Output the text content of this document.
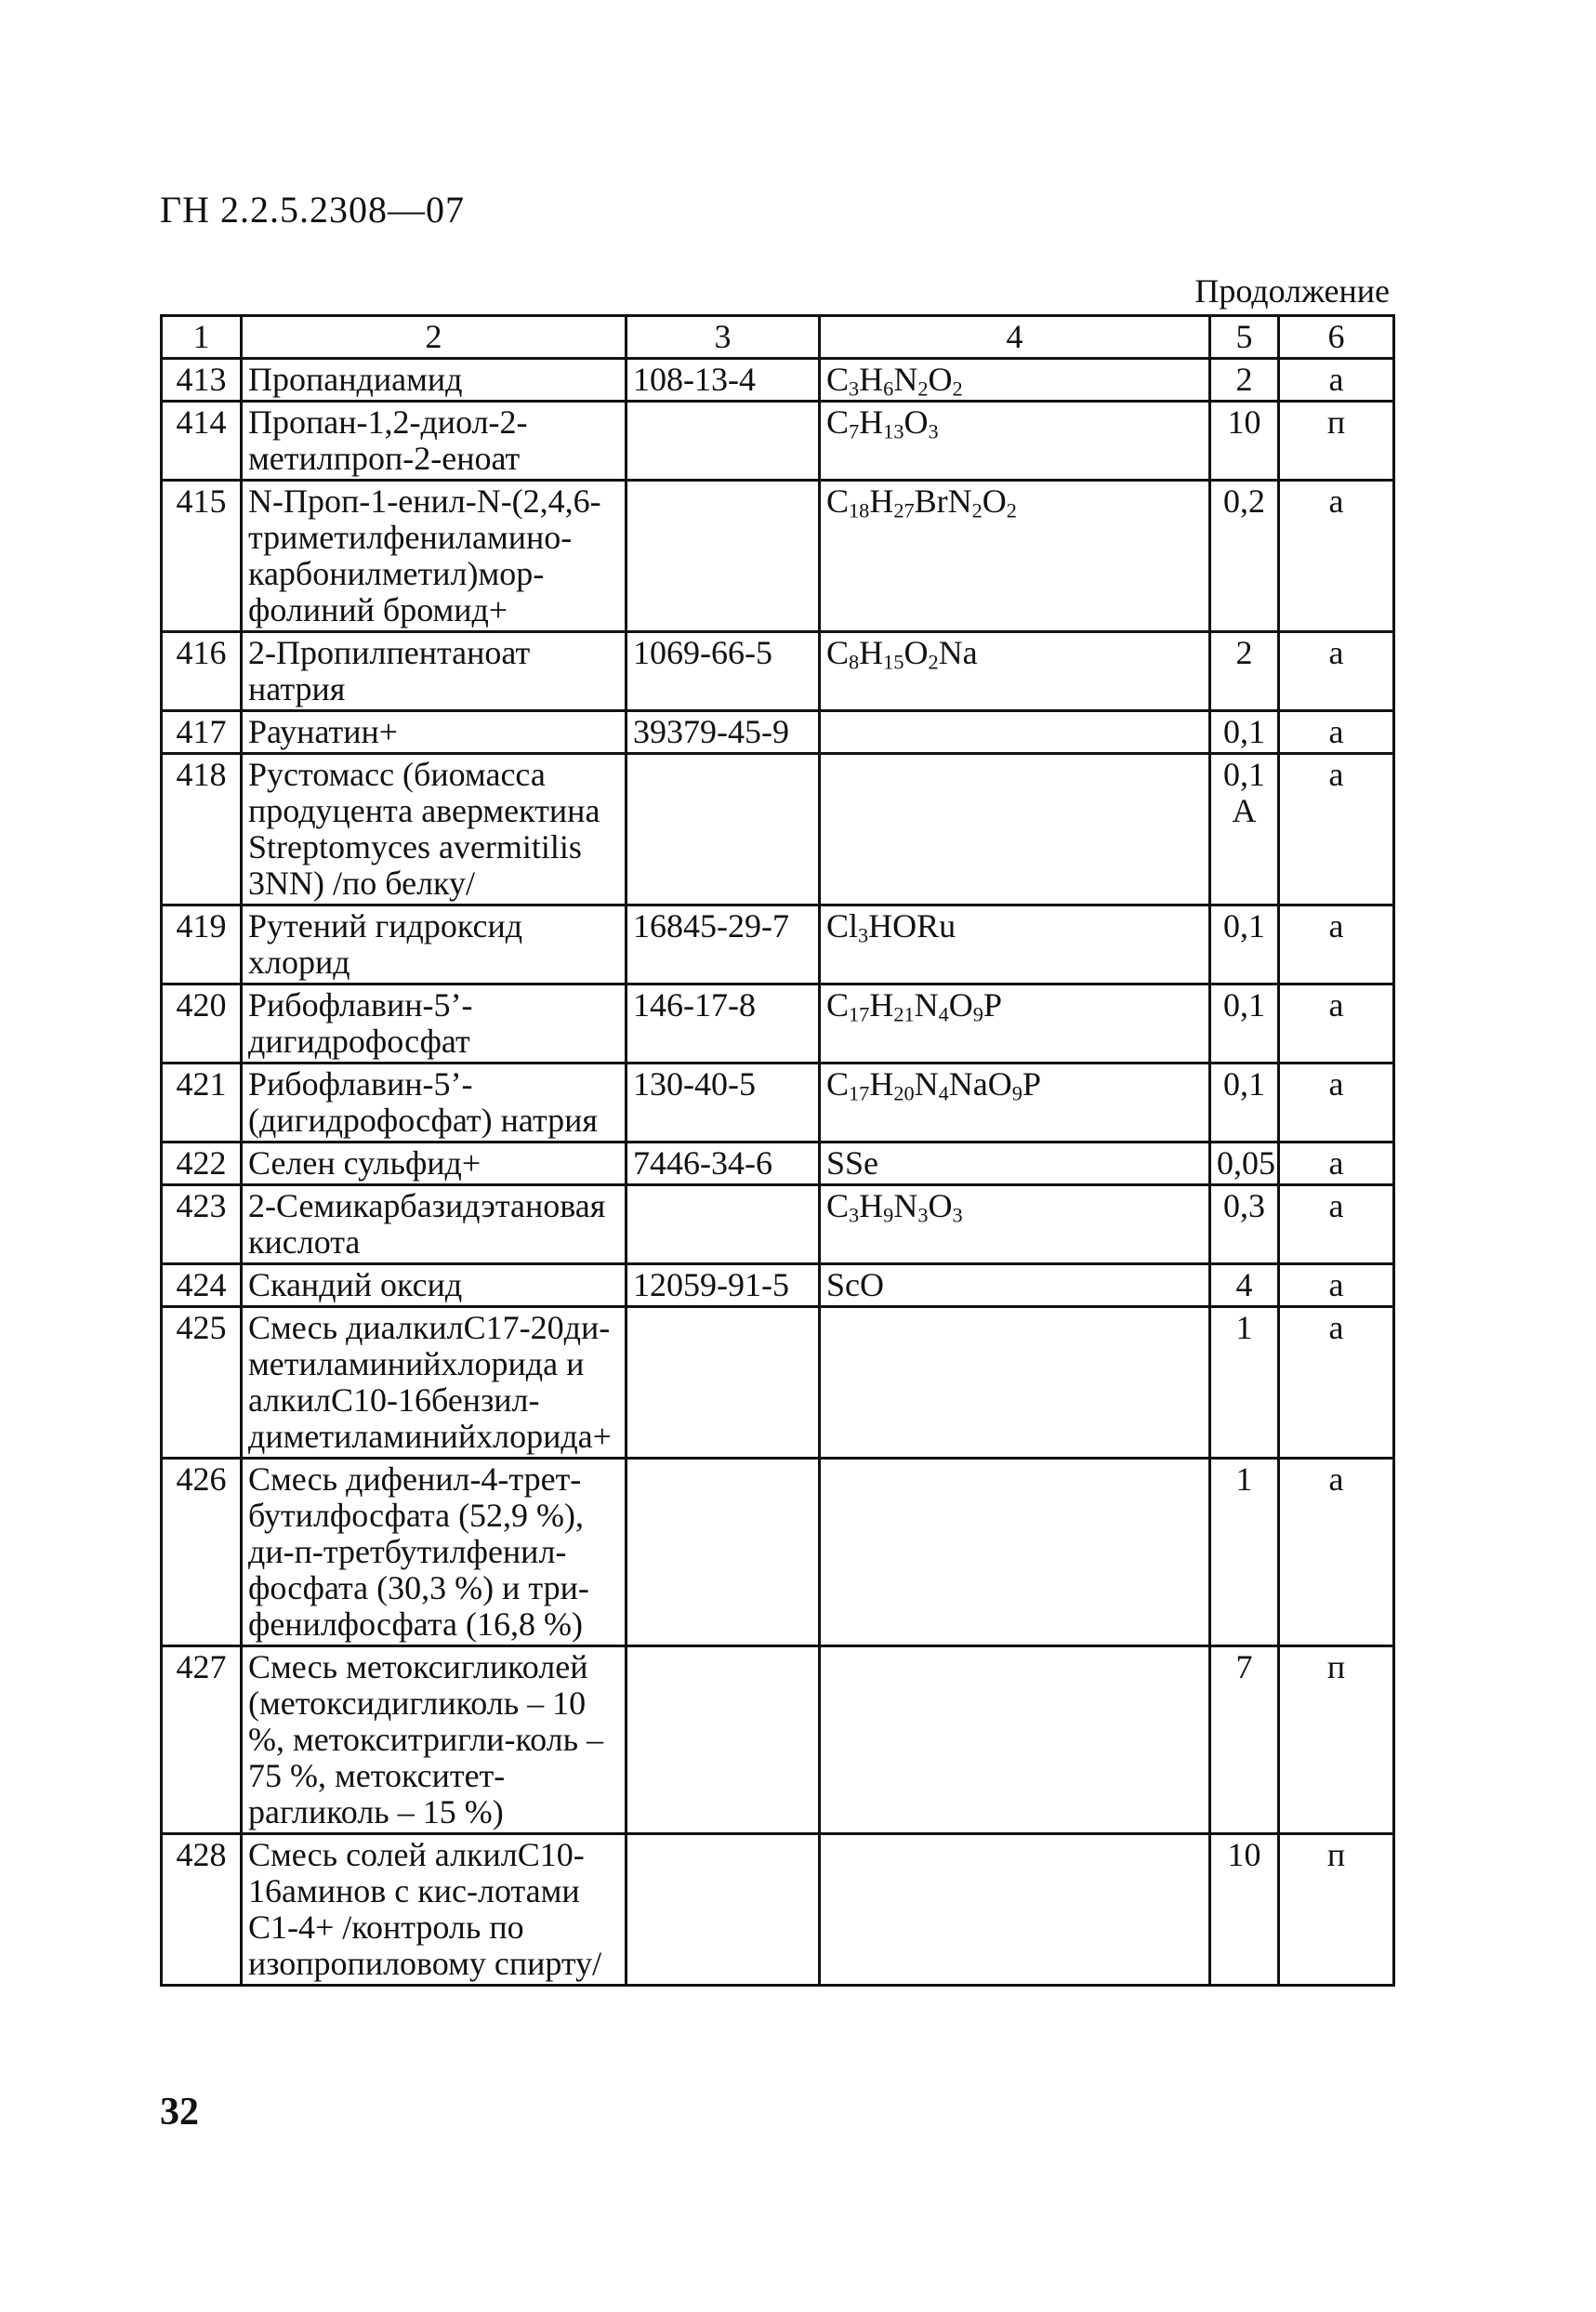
ГН 2.2.5.2308—07
Продолжение
1	2	3	4	5	6
413	Пропандиамид	108-13-4	$C_3H_6N_2O_2$	2	а
414	Пропан-1,2-диол-2-метилпроп-2-еноат		$C_7H_{13}O_3$	10	п
415	N-Проп-1-енил-N-(2,4,6-триметилфениламино-карбонилметил)мор-фолиний бромид+		$C_{18}H_{27}BrN_2O_2$	0,2	а
416	2-Пропилпентаноат натрия	1069-66-5	$C_8H_{15}O_2Na$	2	а
417	Раунатин+	39379-45-9		0,1	а
418	Рустомасс (биомасса продуцента авермектина Streptomyces avermitilis 3NN) /по белку/			0,1 А	а
419	Рутений гидроксид хлорид	16845-29-7	$Cl_3HORu$	0,1	а
420	Рибофлавин-5’-дигидрофосфат	146-17-8	$C_{17}H_{21}N_4O_9P$	0,1	а
421	Рибофлавин-5’-(дигидрофосфат) натрия	130-40-5	$C_{17}H_{20}N_4NaO_9P$	0,1	а
422	Селен сульфид+	7446-34-6	SSe	0,05	а
423	2-Семикарбазидэтановая кислота		$C_3H_9N_3O_3$	0,3	а
424	Скандий оксид	12059-91-5	ScO	4	а
425	Смесь диалкилC17-20ди-метиламинийхлорида и алкилC10-16бензил-диметиламинийхлорида+			1	а
426	Смесь дифенил-4-трет-бутилфосфата (52,9 %), ди-п-третбутилфенил-фосфата (30,3 %) и три-фенилфосфата (16,8 %)			1	а
427	Смесь метоксигликолей (метоксидигликоль – 10 %, метокситригли-коль – 75 %, метокситет-рагликоль – 15 %)			7	п
428	Смесь солей алкилC10-16аминов с кис-лотами C1-4+ /контроль по изопропиловому спирту/			10	п
32
